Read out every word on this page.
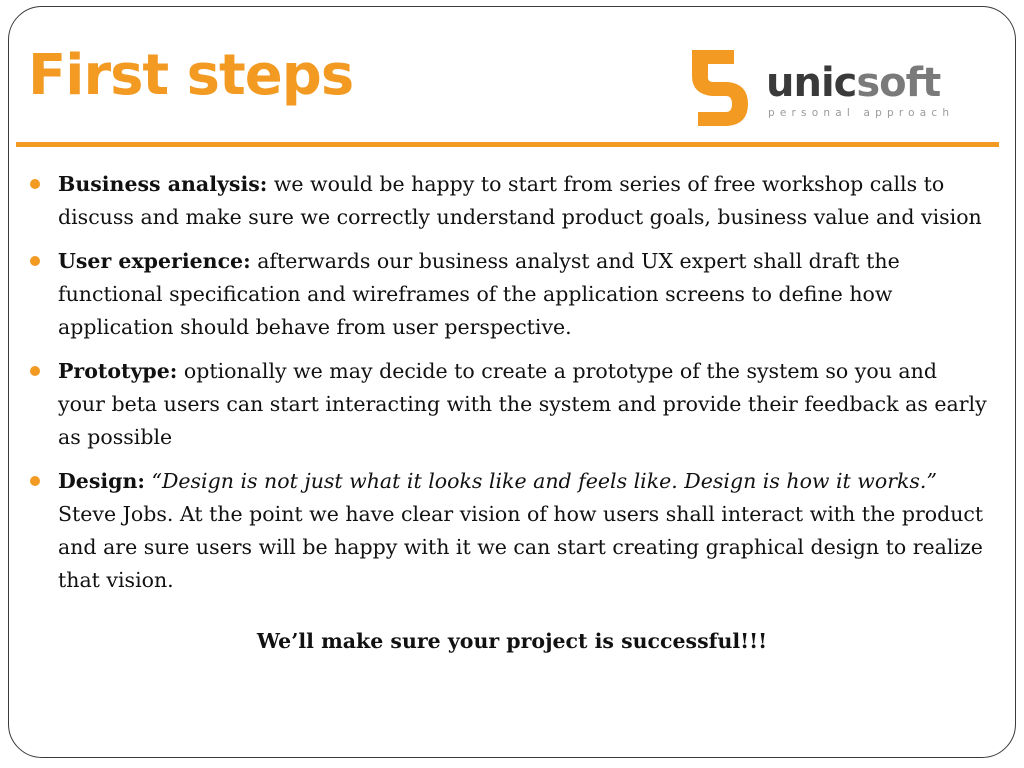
First steps	unicsoft
personal approach
Business analysis: we would be happy to start from series of free workshop calls to discuss and make sure we correctly understand product goals, business value and vision
User experience: afterwards our business analyst and UX expert shall draft the functional specification and wireframes of the application screens to define how application should behave from user perspective.
Prototype: optionally we may decide to create a prototype of the system so you and your beta users can start interacting with the system and provide their feedback as early as possible
Design: “Design is not just what it looks like and feels like. Design is how it works.” Steve Jobs. At the point we have clear vision of how users shall interact with the product and are sure users will be happy with it we can start creating graphical design to realize that vision.

We’ll make sure your project is successful!!!
